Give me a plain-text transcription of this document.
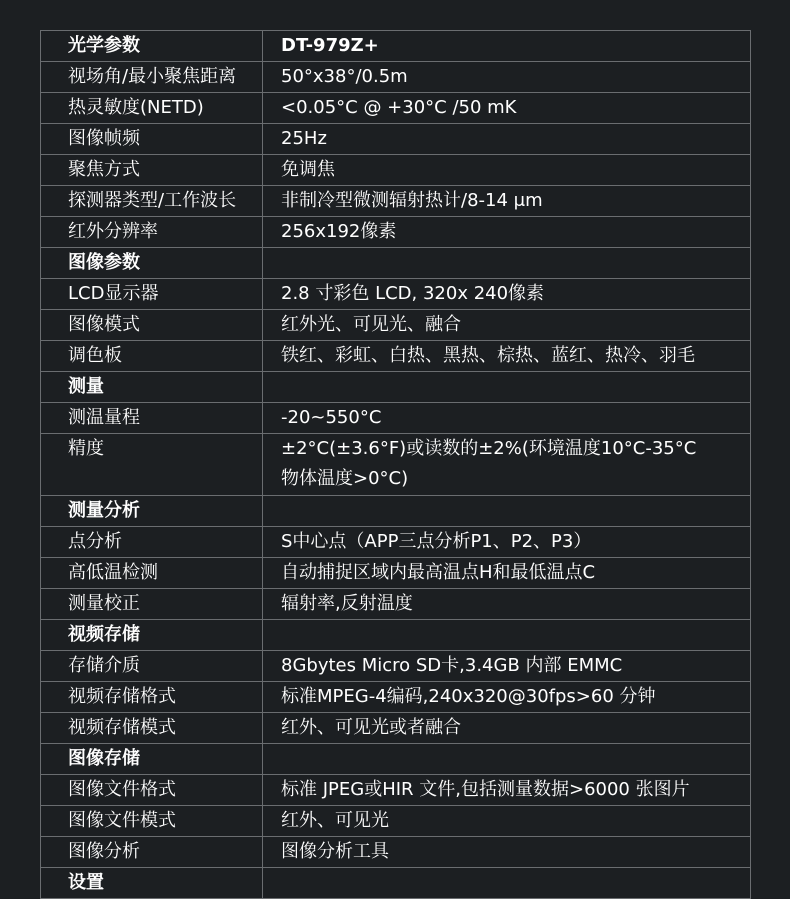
光学参数	DT-979Z+
视场角/最小聚焦距离	50°x38°/0.5m
热灵敏度(NETD)	<0.05°C @ +30°C /50 mK
图像帧频	25Hz
聚焦方式	免调焦
探测器类型/工作波长	非制冷型微测辐射热计/8-14 μm
红外分辨率	256x192像素
图像参数	
LCD显示器	2.8 寸彩色 LCD, 320x 240像素
图像模式	红外光、可见光、融合
调色板	铁红、彩虹、白热、黑热、棕热、蓝红、热冷、羽毛
测量	
测温量程	-20~550°C
精度	±2°C(±3.6°F)或读数的±2%(环境温度10°C-35°C
物体温度>0°C)

测量分析	
点分析	S中心点（APP三点分析P1、P2、P3）
高低温检测	自动捕捉区域内最高温点H和最低温点C
测量校正	辐射率,反射温度
视频存储	
存储介质	8Gbytes Micro SD卡,3.4GB 内部 EMMC
视频存储格式	标准MPEG-4编码,240x320@30fps>60 分钟
视频存储模式	红外、可见光或者融合
图像存储	
图像文件格式	标准 JPEG或HIR 文件,包括测量数据>6000 张图片
图像文件模式	红外、可见光
图像分析	图像分析工具
设置	
